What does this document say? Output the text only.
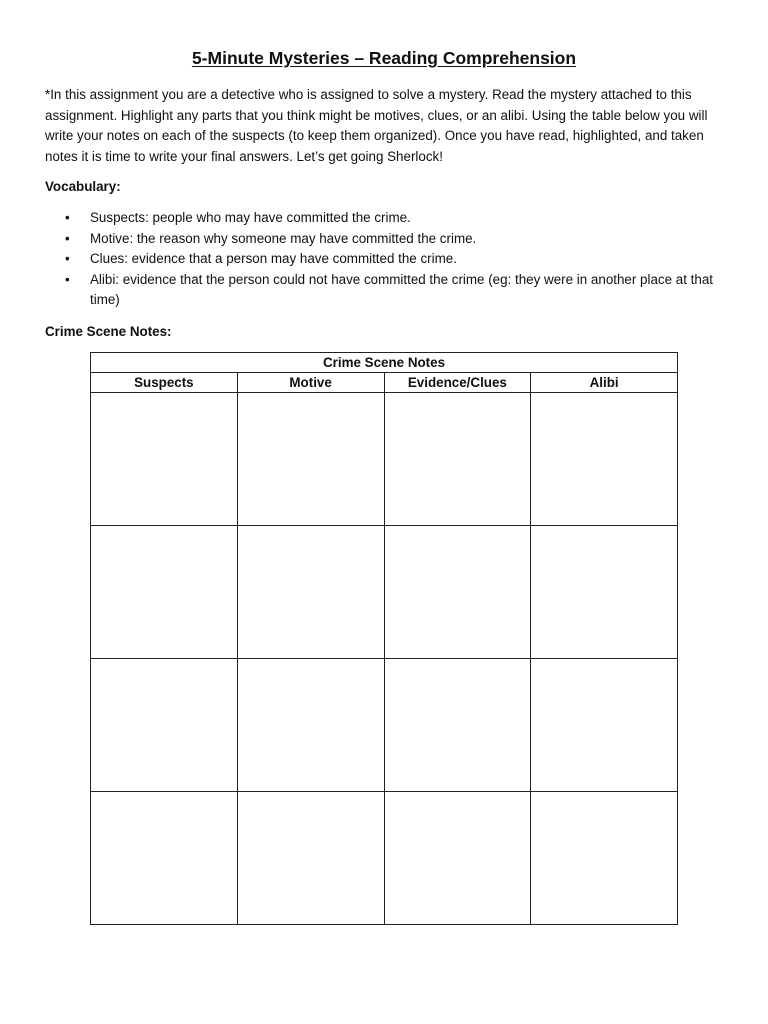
5-Minute Mysteries – Reading Comprehension

*In this assignment you are a detective who is assigned to solve a mystery. Read the mystery attached to this assignment. Highlight any parts that you think might be motives, clues, or an alibi. Using the table below you will write your notes on each of the suspects (to keep them organized). Once you have read, highlighted, and taken notes it is time to write your final answers. Let’s get going Sherlock!

Vocabulary:

• Suspects: people who may have committed the crime.
• Motive: the reason why someone may have committed the crime.
• Clues: evidence that a person may have committed the crime.
• Alibi: evidence that the person could not have committed the crime (eg: they were in another place at that time)

Crime Scene Notes:

Crime Scene Notes			
Suspects	Motive	Evidence/Clues	Alibi
